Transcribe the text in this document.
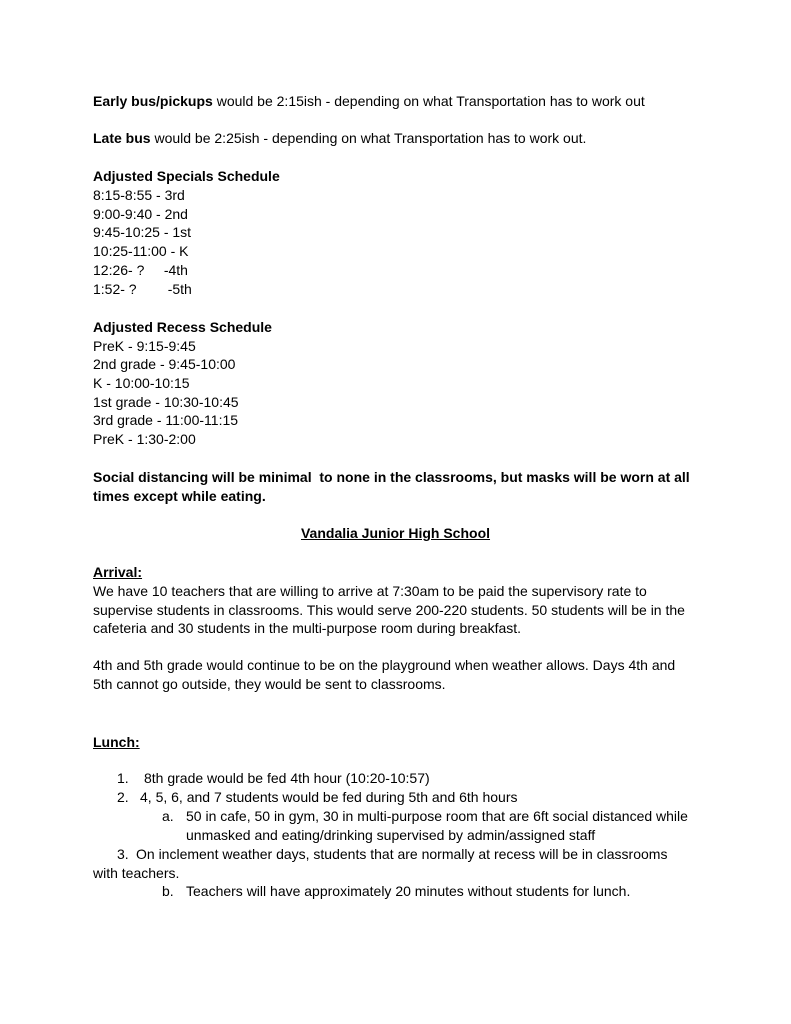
Early bus/pickups would be 2:15ish - depending on what Transportation has to work out
Late bus would be 2:25ish - depending on what Transportation has to work out.
Adjusted Specials Schedule
8:15-8:55 - 3rd
9:00-9:40 - 2nd
9:45-10:25 - 1st
10:25-11:00 - K
12:26- ?     -4th
1:52- ?        -5th
Adjusted Recess Schedule
PreK - 9:15-9:45
2nd grade - 9:45-10:00
K - 10:00-10:15
1st grade - 10:30-10:45
3rd grade - 11:00-11:15
PreK - 1:30-2:00
Social distancing will be minimal  to none in the classrooms, but masks will be worn at all times except while eating.
Vandalia Junior High School
Arrival:
We have 10 teachers that are willing to arrive at 7:30am to be paid the supervisory rate to supervise students in classrooms. This would serve 200-220 students. 50 students will be in the cafeteria and 30 students in the multi-purpose room during breakfast.
4th and 5th grade would continue to be on the playground when weather allows. Days 4th and 5th cannot go outside, they would be sent to classrooms.
Lunch:
1. 8th grade would be fed 4th hour (10:20-10:57)
2. 4, 5, 6, and 7 students would be fed during 5th and 6th hours
a. 50 in cafe, 50 in gym, 30 in multi-purpose room that are 6ft social distanced while
unmasked and eating/drinking supervised by admin/assigned staff
3. On inclement weather days, students that are normally at recess will be in classrooms
with teachers.
b. Teachers will have approximately 20 minutes without students for lunch.
